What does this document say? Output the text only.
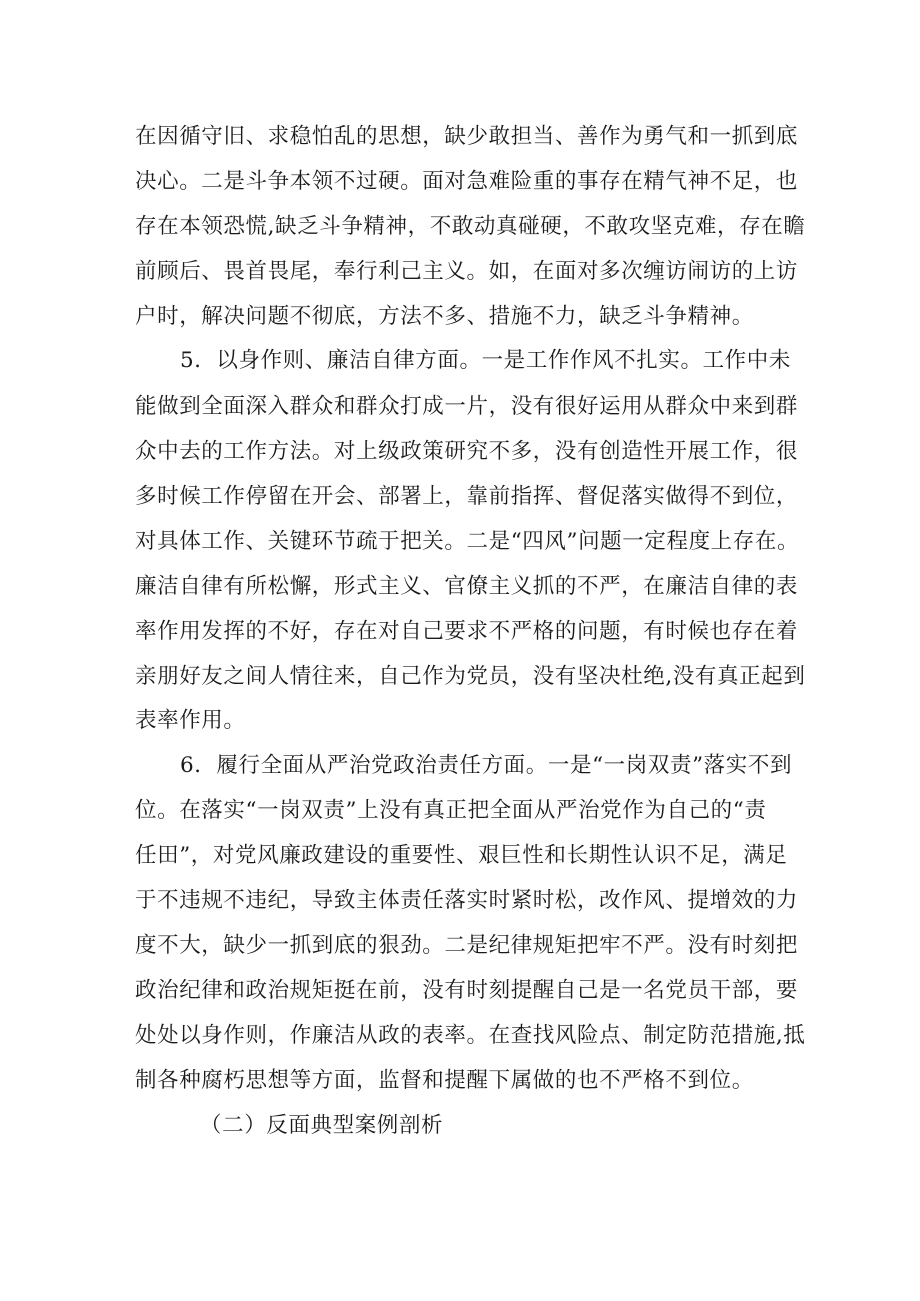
在因循守旧、求稳怕乱的思想，缺少敢担当、善作为勇气和一抓到底
决心。二是斗争本领不过硬。面对急难险重的事存在精气神不足，也
存在本领恐慌,缺乏斗争精神，不敢动真碰硬，不敢攻坚克难，存在瞻
前顾后、畏首畏尾，奉行利己主义。如，在面对多次缠访闹访的上访
户时，解决问题不彻底，方法不多、措施不力，缺乏斗争精神。
5．以身作则、廉洁自律方面。一是工作作风不扎实。工作中未
能做到全面深入群众和群众打成一片，没有很好运用从群众中来到群
众中去的工作方法。对上级政策研究不多，没有创造性开展工作，很
多时候工作停留在开会、部署上，靠前指挥、督促落实做得不到位，
对具体工作、关键环节疏于把关。二是“四风”问题一定程度上存在。
廉洁自律有所松懈，形式主义、官僚主义抓的不严，在廉洁自律的表
率作用发挥的不好，存在对自己要求不严格的问题，有时候也存在着
亲朋好友之间人情往来，自己作为党员，没有坚决杜绝,没有真正起到
表率作用。
6．履行全面从严治党政治责任方面。一是“一岗双责”落实不到
位。在落实“一岗双责”上没有真正把全面从严治党作为自己的“责
任田”，对党风廉政建设的重要性、艰巨性和长期性认识不足，满足
于不违规不违纪，导致主体责任落实时紧时松，改作风、提增效的力
度不大，缺少一抓到底的狠劲。二是纪律规矩把牢不严。没有时刻把
政治纪律和政治规矩挺在前，没有时刻提醒自己是一名党员干部，要
处处以身作则，作廉洁从政的表率。在查找风险点、制定防范措施,抵
制各种腐朽思想等方面，监督和提醒下属做的也不严格不到位。
（二）反面典型案例剖析
